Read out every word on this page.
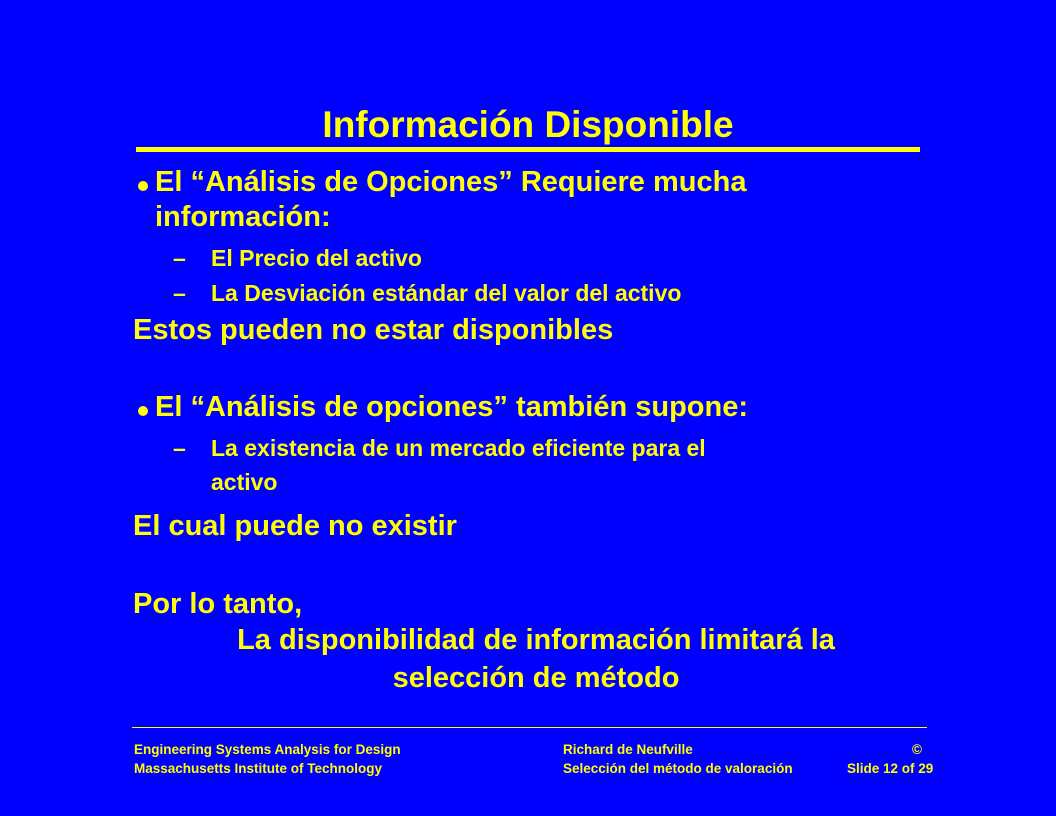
Información Disponible
El “Análisis de Opciones” Requiere mucha
información:
– El Precio del activo
– La Desviación estándar del valor del activo
Estos pueden no estar disponibles
El “Análisis de opciones” también supone:
– La existencia de un mercado eficiente para el
activo
El cual puede no existir
Por lo tanto,
La disponibilidad de información limitará la
selección de método
Engineering Systems Analysis for Design
Massachusetts Institute of Technology
Richard de Neufville	©
Selección del método de valoración	Slide 12 of 29
